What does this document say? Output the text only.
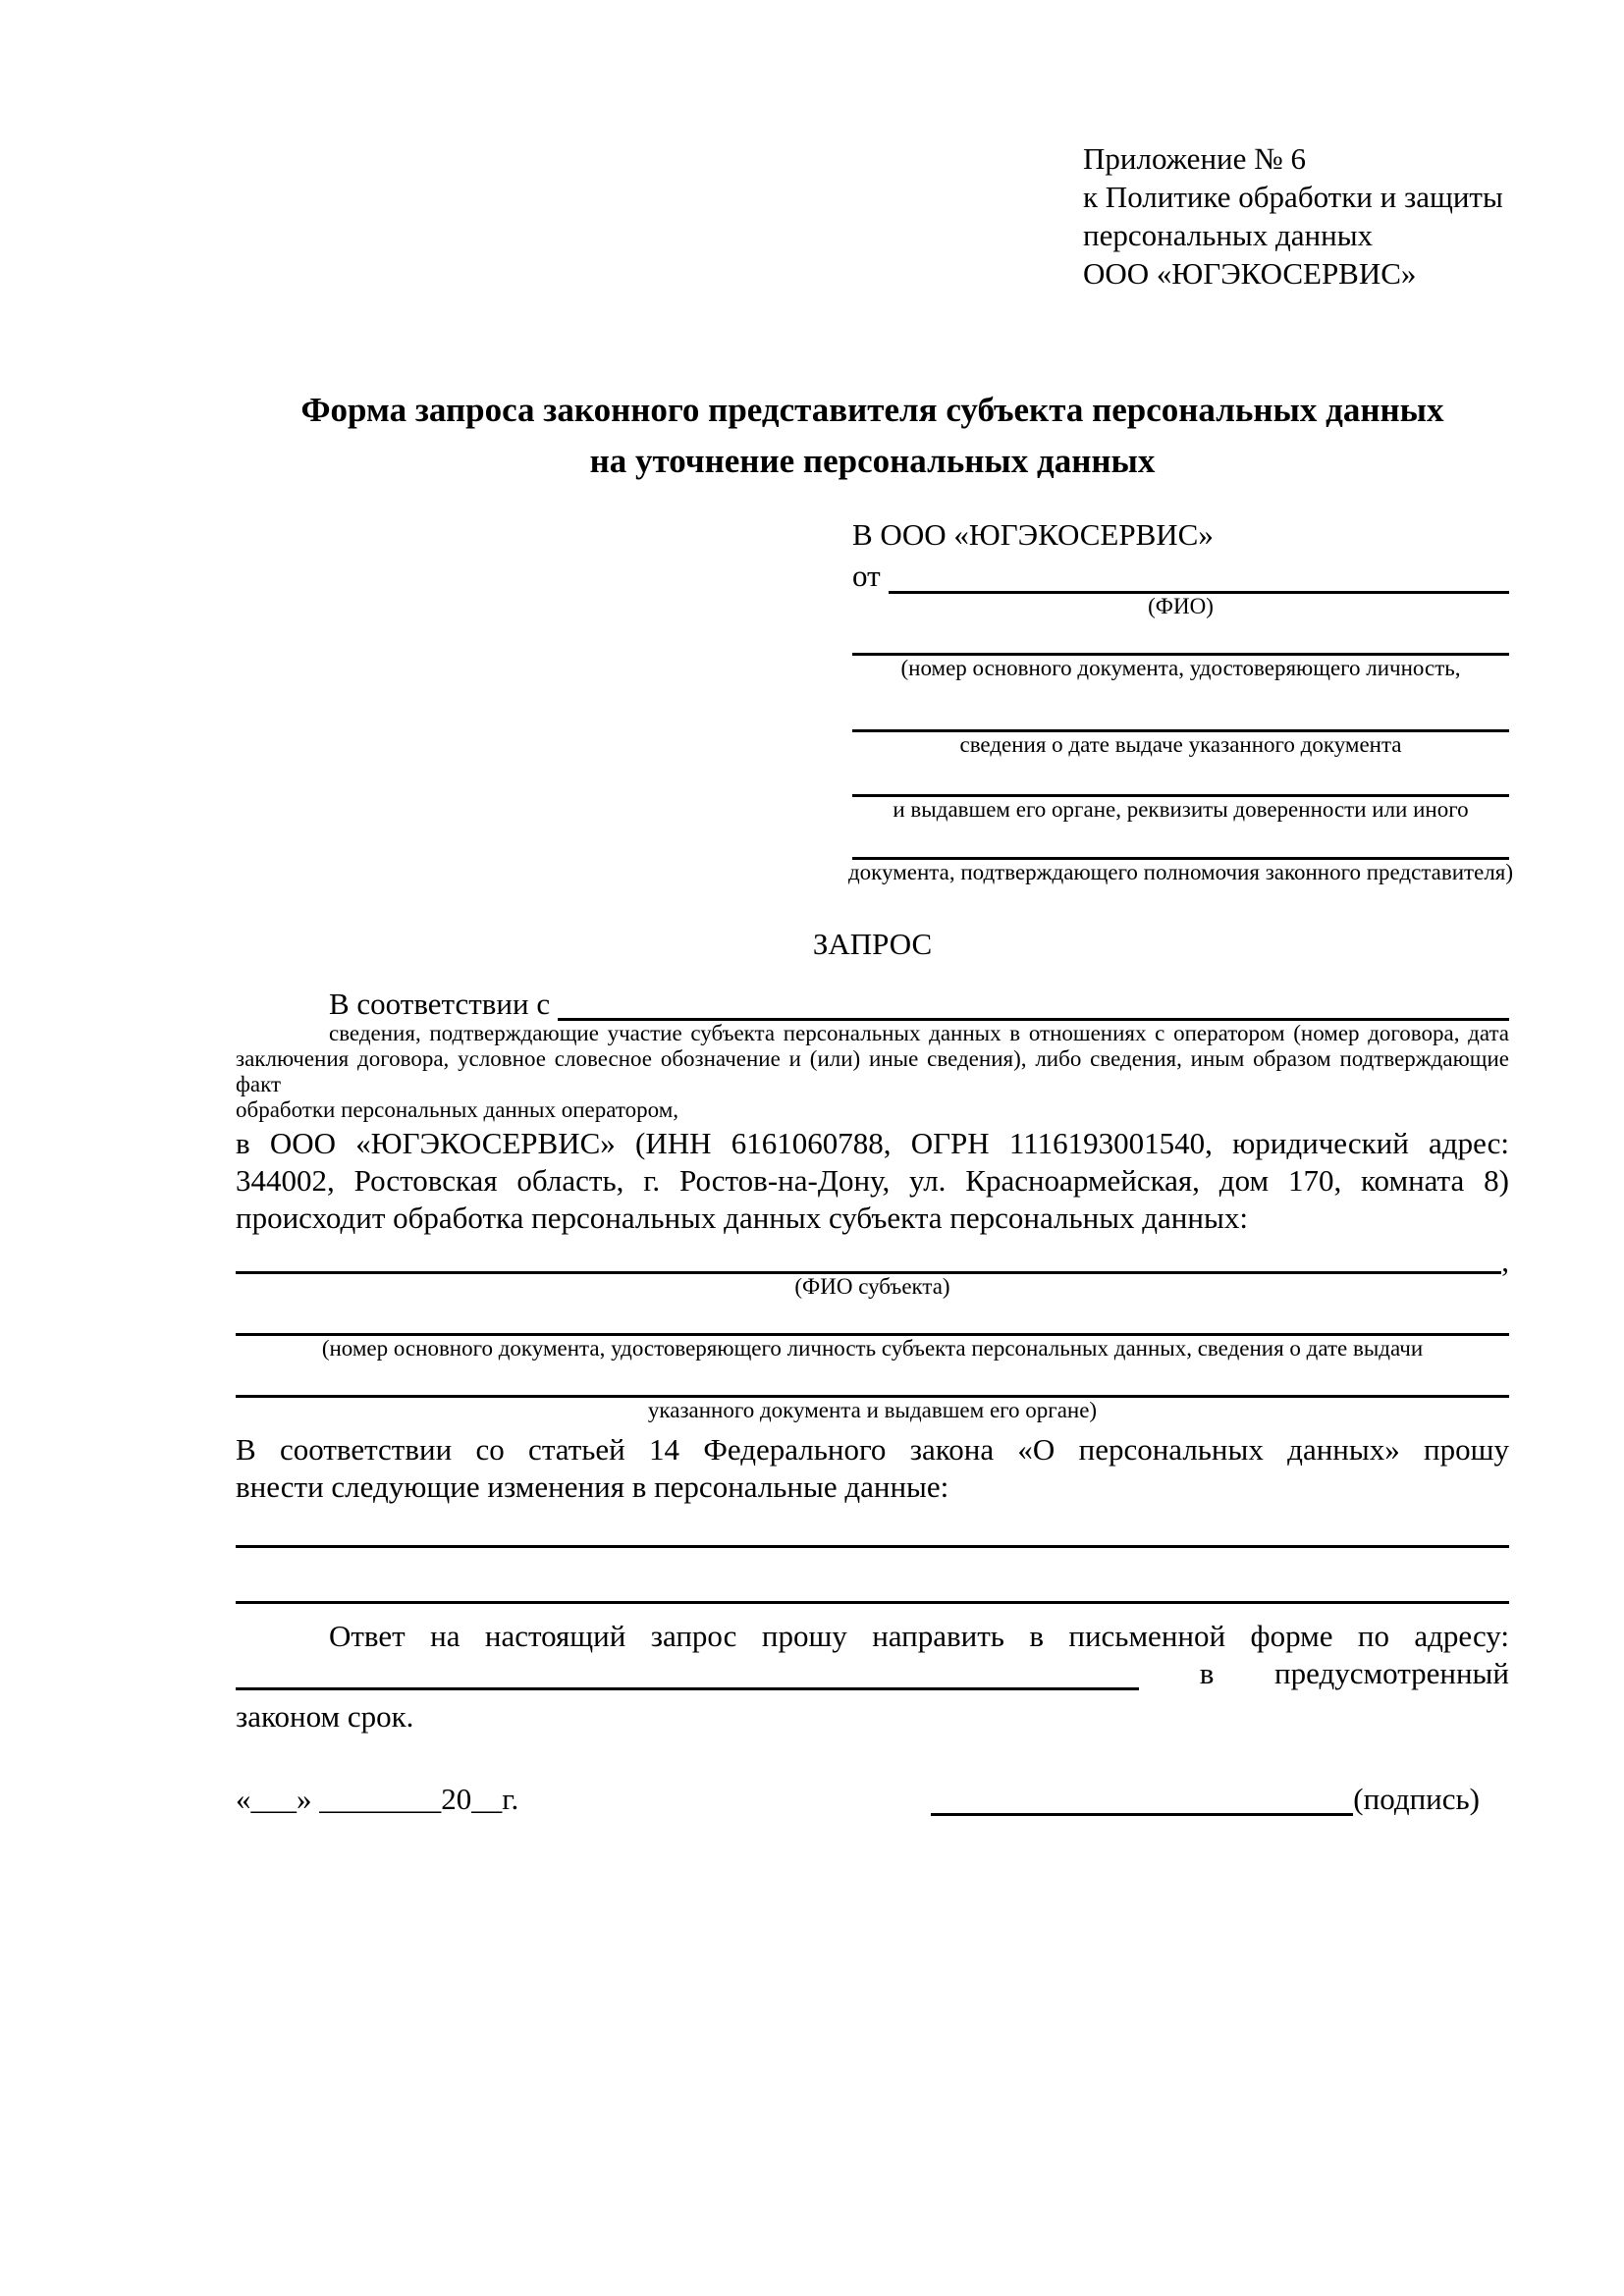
Приложение № 6
к Политике обработки и защиты
персональных данных
ООО «ЮГЭКОСЕРВИС»
Форма запроса законного представителя субъекта персональных данных
на уточнение персональных данных
В ООО «ЮГЭКОСЕРВИС»
от
(ФИО)
(номер основного документа, удостоверяющего личность,
сведения о дате выдаче указанного документа
и выдавшем его органе, реквизиты доверенности или иного
документа, подтверждающего полномочия законного представителя)
ЗАПРОС
В соответствии с
сведения, подтверждающие участие субъекта персональных данных в отношениях с оператором (номер договора, дата
заключения договора, условное словесное обозначение и (или) иные сведения), либо сведения, иным образом подтверждающие факт
обработки персональных данных оператором,
в ООО «ЮГЭКОСЕРВИС» (ИНН 6161060788, ОГРН 1116193001540, юридический адрес:
344002, Ростовская область, г. Ростов-на-Дону, ул. Красноармейская, дом 170, комната 8)
происходит обработка персональных данных субъекта персональных данных:
,
(ФИО субъекта)
(номер основного документа, удостоверяющего личность субъекта персональных данных, сведения о дате выдачи
указанного документа и выдавшем его органе)
В соответствии со статьей 14 Федерального закона «О персональных данных» прошу
внести следующие изменения в персональные данные:
Ответ на настоящий запрос прошу направить в письменной форме по адресу:
в предусмотренный
законом срок.
«___» ________20__г.	(подпись)
